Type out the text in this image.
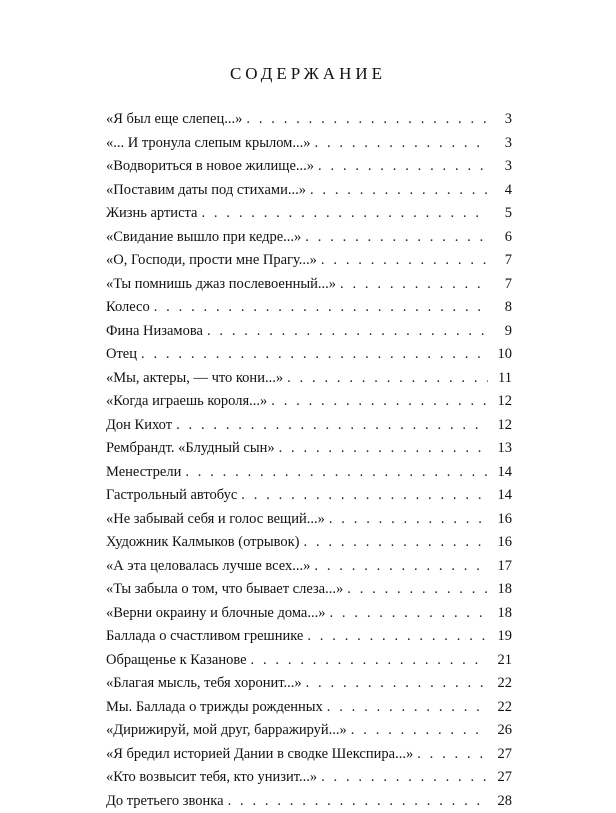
СОДЕРЖАНИЕ
«Я был еще слепец...» . . .	3
«... И тронула слепым крылом...» . . .	3
«Водвориться в новое жилище...» . . .	3
«Поставим даты под стихами...» . . .	4
Жизнь артиста . . .	5
«Свидание вышло при кедре...» . . .	6
«О, Господи, прости мне Прагу...» . . .	7
«Ты помнишь джаз послевоенный...» . . .	7
Колесо . . .	8
Фина Низамова . . .	9
Отец . . .	10
«Мы, актеры, — что кони...» . . .	11
«Когда играешь короля...» . . .	12
Дон Кихот . . .	12
Рембрандт. «Блудный сын» . . .	13
Менестрели . . .	14
Гастрольный автобус . . .	14
«Не забывай себя и голос вещий...» . . .	16
Художник Калмыков (отрывок) . . .	16
«А эта целовалась лучше всех...» . . .	17
«Ты забыла о том, что бывает слеза...» . . .	18
«Верни окраину и блочные дома...» . . .	18
Баллада о счастливом грешнике . . .	19
Обращенье к Казанове . . .	21
«Благая мысль, тебя хоронит...» . . .	22
Мы. Баллада о трижды рожденных . . .	22
«Дирижируй, мой друг, барражируй...» . . .	26
«Я бредил историей Дании в сводке Шекспира...» . . .	27
«Кто возвысит тебя, кто унизит...» . . .	27
До третьего звонка . . .	28
